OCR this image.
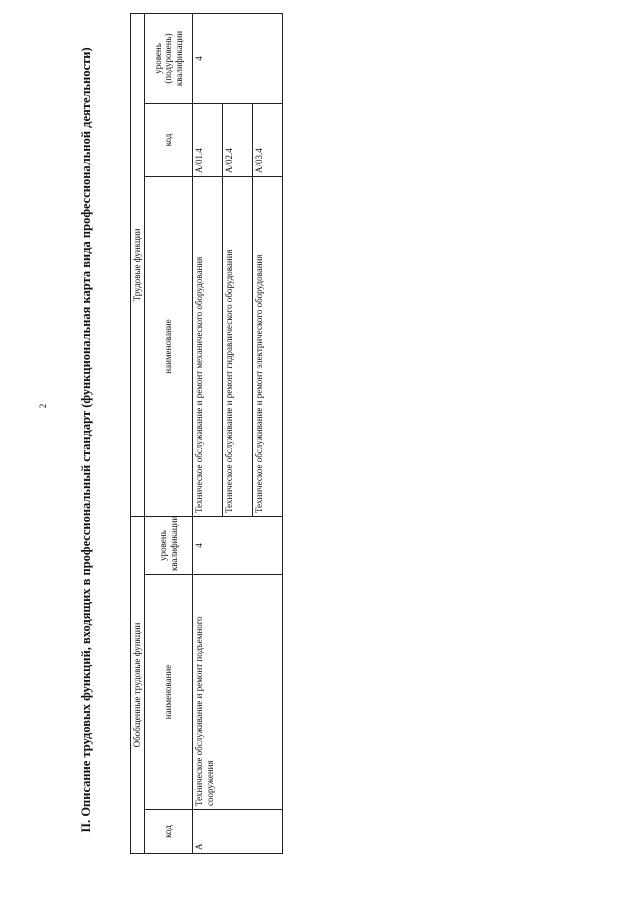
2 II. Описание трудовых функций, входящих в профессиональный стандарт (функциональная карта вида профессиональной деятельности)	Обобщенные трудовые функции			Трудовые функции		
код	наименование	уровень квалификации	наименование	код	уровень (подуровень) квалификации
A	Техническое обслуживание и ремонт подъемного сооружения	4	Техническое обслуживание и ремонт механического оборудования	A/01.4	4
			Техническое обслуживание и ремонт гидравлического оборудования	A/02.4	
			Техническое обслуживание и ремонт электрического оборудования	A/03.4	
